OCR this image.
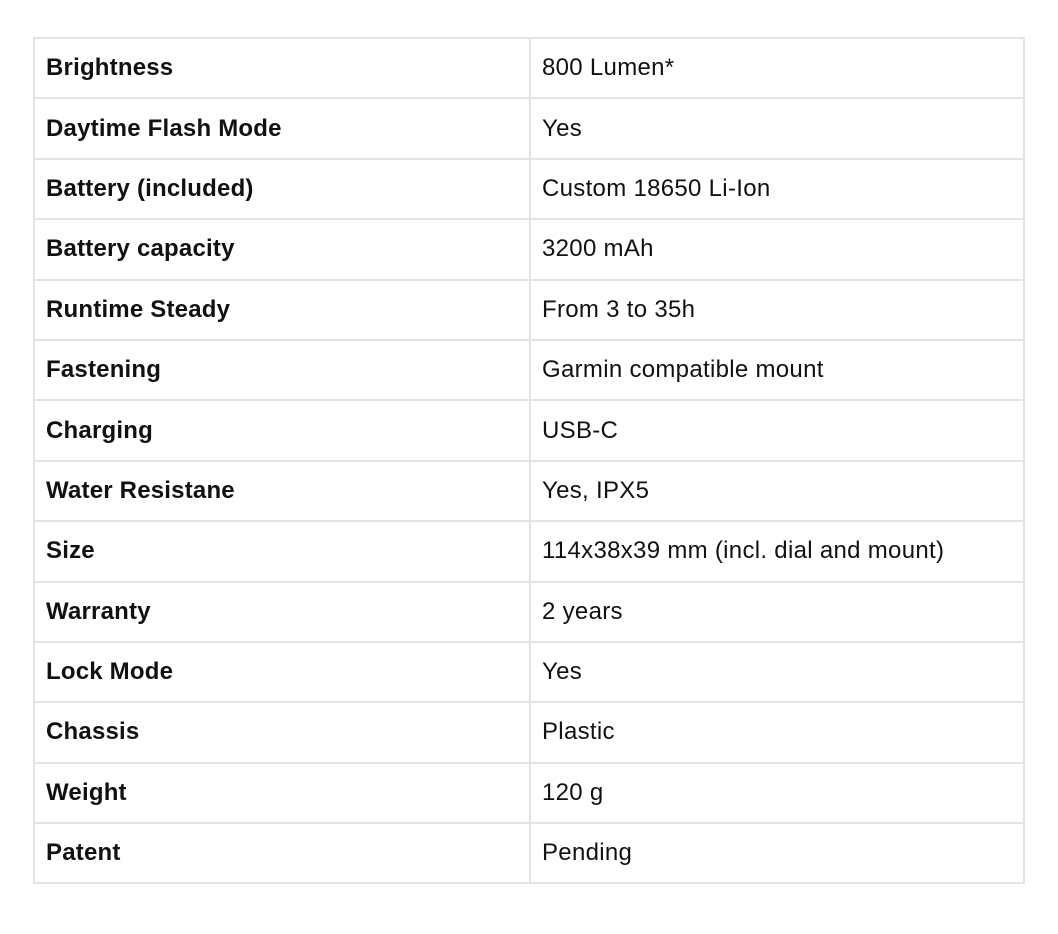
Brightness	800 Lumen*
Daytime Flash Mode	Yes
Battery (included)	Custom 18650 Li-Ion
Battery capacity	3200 mAh
Runtime Steady	From 3 to 35h
Fastening	Garmin compatible mount
Charging	USB-C
Water Resistane	Yes, IPX5
Size	114x38x39 mm (incl. dial and mount)
Warranty	2 years
Lock Mode	Yes
Chassis	Plastic
Weight	120 g
Patent	Pending
